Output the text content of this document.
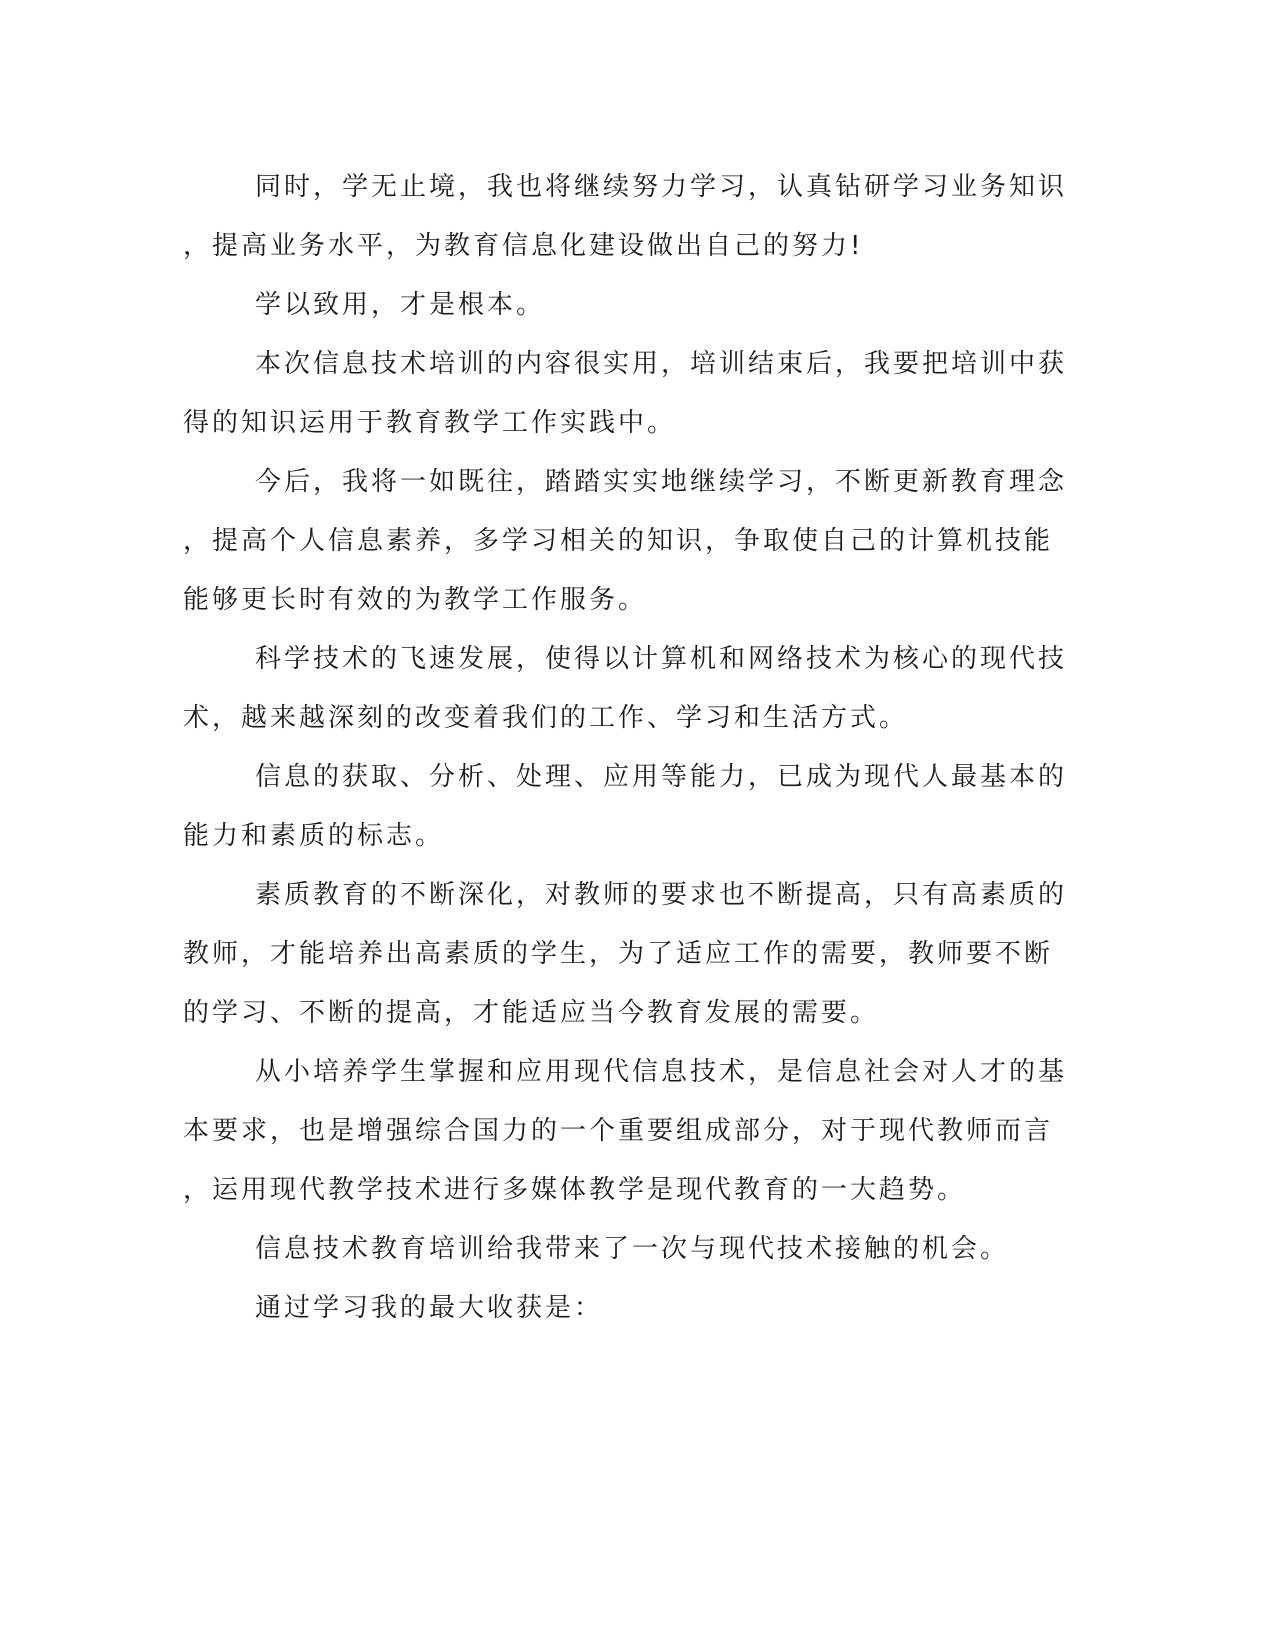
同时，学无止境，我也将继续努力学习，认真钻研学习业务知识
，提高业务水平，为教育信息化建设做出自己的努力!

学以致用，才是根本。

本次信息技术培训的内容很实用，培训结束后，我要把培训中获
得的知识运用于教育教学工作实践中。

今后，我将一如既往，踏踏实实地继续学习，不断更新教育理念
，提高个人信息素养，多学习相关的知识，争取使自己的计算机技能
能够更长时有效的为教学工作服务。

科学技术的飞速发展，使得以计算机和网络技术为核心的现代技
术，越来越深刻的改变着我们的工作、学习和生活方式。

信息的获取、分析、处理、应用等能力，已成为现代人最基本的
能力和素质的标志。

素质教育的不断深化，对教师的要求也不断提高，只有高素质的
教师，才能培养出高素质的学生，为了适应工作的需要，教师要不断
的学习、不断的提高，才能适应当今教育发展的需要。

从小培养学生掌握和应用现代信息技术，是信息社会对人才的基
本要求，也是增强综合国力的一个重要组成部分，对于现代教师而言
，运用现代教学技术进行多媒体教学是现代教育的一大趋势。

信息技术教育培训给我带来了一次与现代技术接触的机会。

通过学习我的最大收获是：
